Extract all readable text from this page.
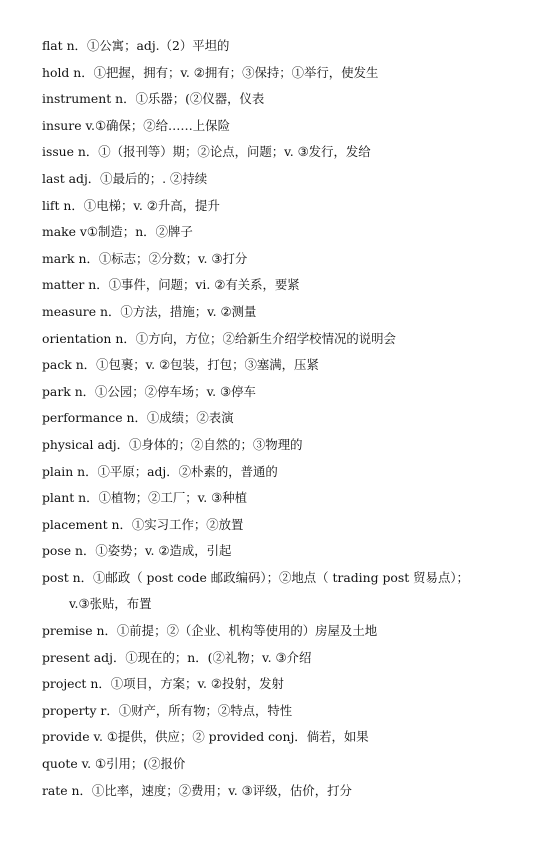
flat n．①公寓；adj.（2）平坦的
hold n．①把握，拥有；v. ②拥有；③保持；①举行，使发生
instrument n．①乐器；(②仪器，仪表
insure v.①确保；②给……上保险
issue n．①（报刊等）期；②论点，问题；v. ③发行，发给
last adj．①最后的；. ②持续
lift n．①电梯；v. ②升高，提升
make v①制造；n．②牌子
mark n．①标志；②分数；v. ③打分
matter n．①事件，问题；vi. ②有关系，要紧
measure n．①方法，措施；v. ②测量
orientation n．①方向，方位；②给新生介绍学校情况的说明会
pack n．①包裹；v. ②包装，打包；③塞满，压紧
park n．①公园；②停车场；v. ③停车
performance n．①成绩；②表演
physical adj．①身体的；②自然的；③物理的
plain n．①平原；adj．②朴素的，普通的
plant n．①植物；②工厂；v. ③种植
placement n．①实习工作；②放置
pose n．①姿势；v. ②造成，引起
post n．①邮政（ post code 邮政编码）；②地点（ trading post 贸易点）；
v.③张贴，布置
premise n．①前提；②（企业、机构等使用的）房屋及土地
present adj．①现在的；n．(②礼物；v. ③介绍
project n．①项目，方案；v. ②投射，发射
property r．①财产，所有物；②特点，特性
provide v. ①提供，供应；② provided conj．倘若，如果
quote v. ①引用；(②报价
rate n．①比率，速度；②费用；v. ③评级，估价，打分
